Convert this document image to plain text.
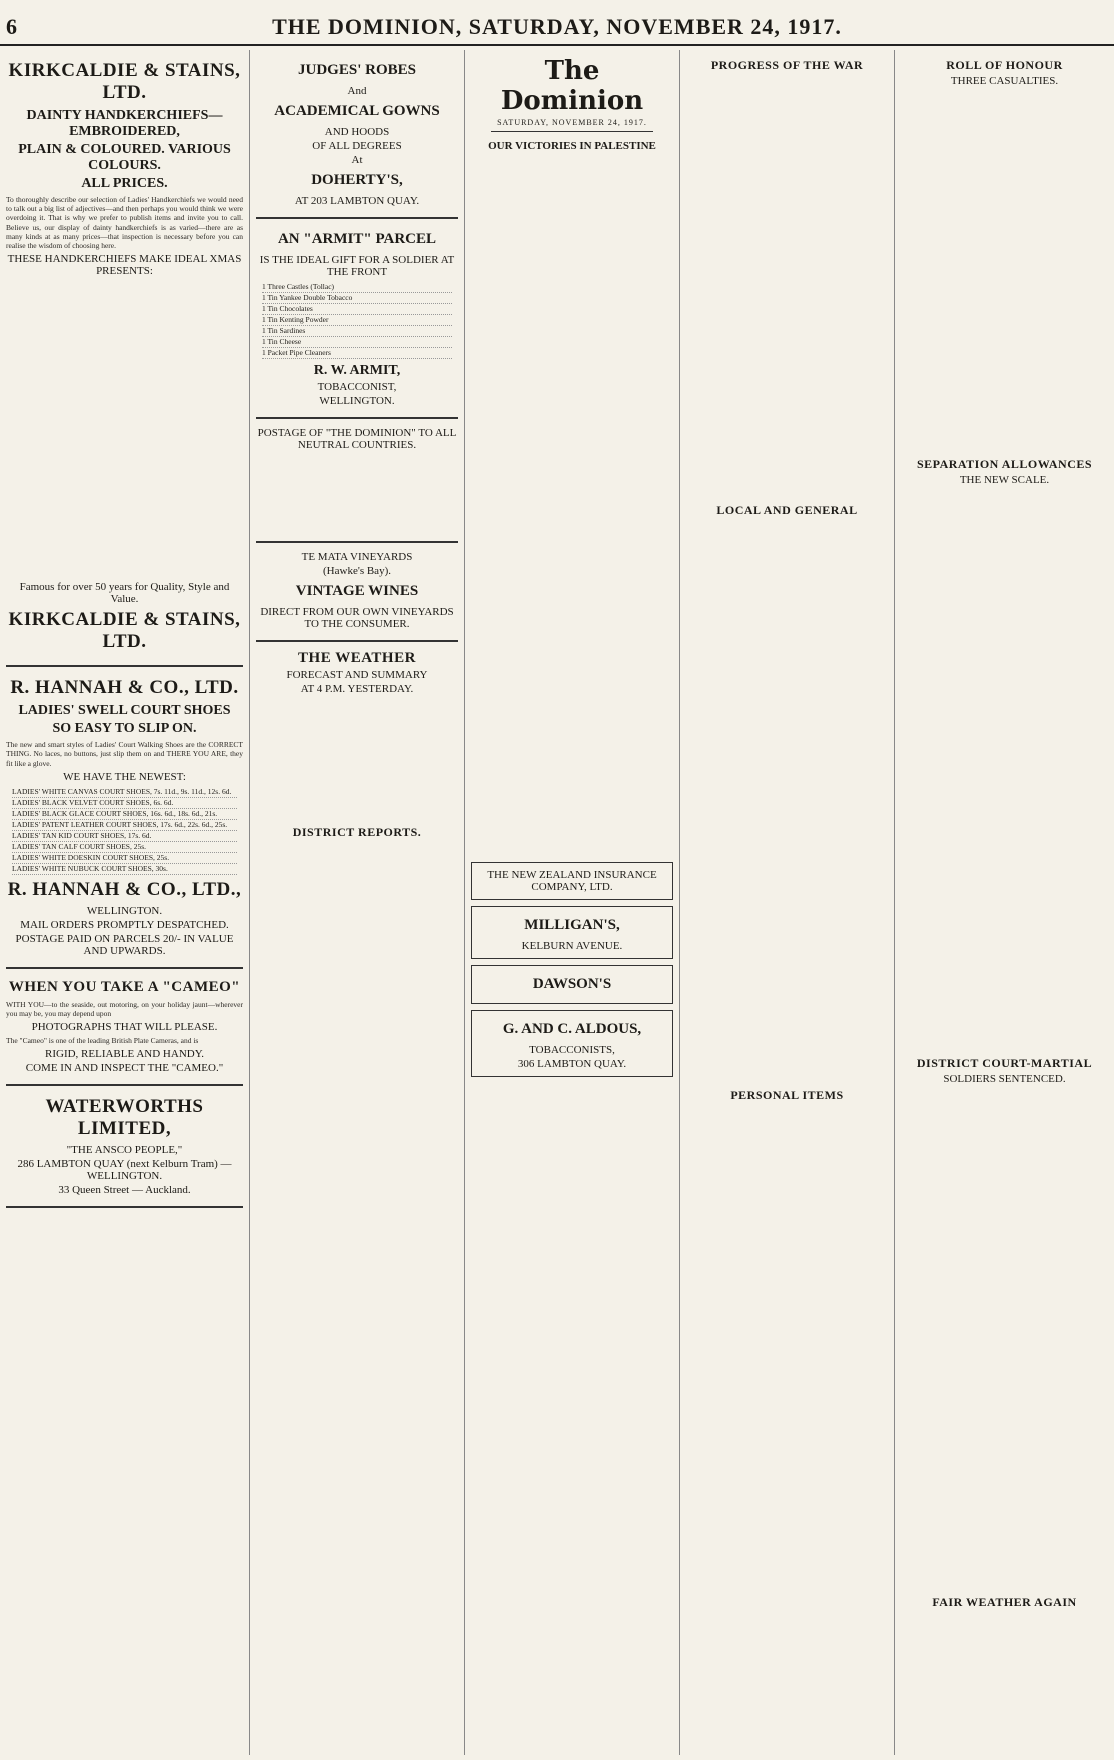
6	THE DOMINION, SATURDAY, NOVEMBER 24, 1917.
KIRKCALDIE & STAINS, LTD.
DAINTY HANDKERCHIEFS—EMBROIDERED,
PLAIN & COLOURED. VARIOUS COLOURS.
ALL PRICES.

To thoroughly describe our selection of Ladies' Handkerchiefs we would need to talk out a big list of adjectives—and then perhaps you would think we were overdoing it. That is why we prefer to publish items and invite you to call. Believe us, our display of dainty handkerchiefs is as varied—there are as many kinds at as many prices—that inspection is necessary before you can realise the wisdom of choosing here.

THESE HANDKERCHIEFS MAKE IDEAL XMAS PRESENTS:
Famous for over 50 years for Quality, Style and Value.
KIRKCALDIE & STAINS, LTD.
R. HANNAH & CO., LTD.
LADIES' SWELL COURT SHOES
SO EASY TO SLIP ON.

The new and smart styles of Ladies' Court Walking Shoes are the CORRECT THING. No laces, no buttons, just slip them on and THERE YOU ARE, they fit like a glove.

WE HAVE THE NEWEST:
LADIES' WHITE CANVAS COURT SHOES, 7s. 11d., 9s. 11d., 12s. 6d.
LADIES' BLACK VELVET COURT SHOES, 6s. 6d.
LADIES' BLACK GLACE COURT SHOES, 16s. 6d., 18s. 6d., 21s.
LADIES' PATENT LEATHER COURT SHOES, 17s. 6d., 22s. 6d., 25s.
LADIES' TAN KID COURT SHOES, 17s. 6d.
LADIES' TAN CALF COURT SHOES, 25s.
LADIES' WHITE DOESKIN COURT SHOES, 25s.
LADIES' WHITE NUBUCK COURT SHOES, 30s.
R. HANNAH & CO., LTD.,
WELLINGTON.
MAIL ORDERS PROMPTLY DESPATCHED.
POSTAGE PAID ON PARCELS 20/- IN VALUE AND UPWARDS.
WHEN YOU TAKE A "CAMEO"

WITH YOU—to the seaside, out motoring, on your holiday jaunt—wherever you may be, you may depend upon

PHOTOGRAPHS THAT WILL PLEASE.

The "Cameo" is one of the leading British Plate Cameras, and is

RIGID, RELIABLE AND HANDY.
COME IN AND INSPECT THE "CAMEO."
WATERWORTHS LIMITED,
"THE ANSCO PEOPLE,"
286 LAMBTON QUAY (next Kelburn Tram) — WELLINGTON.
33 Queen Street — Auckland.
JUDGES' ROBES
And
ACADEMICAL GOWNS
AND HOODS
OF ALL DEGREES
At
DOHERTY'S,
AT 203 LAMBTON QUAY.
AN "ARMIT" PARCEL
IS THE IDEAL GIFT FOR A SOLDIER AT THE FRONT
1 Three Castles (Tollac)
1 Tin Yankee Double Tobacco
1 Tin Chocolates
1 Tin Kenting Powder
1 Tin Sardines
1 Tin Cheese
1 Packet Pipe Cleaners
R. W. ARMIT,
TOBACCONIST,
WELLINGTON.
POSTAGE OF "THE DOMINION" TO ALL NEUTRAL COUNTRIES.
TE MATA VINEYARDS
(Hawke's Bay).
VINTAGE WINES
DIRECT FROM OUR OWN VINEYARDS TO THE CONSUMER.
THE WEATHER
FORECAST AND SUMMARY
AT 4 P.M. YESTERDAY.
DISTRICT REPORTS.
The Dominion
SATURDAY, NOVEMBER 24, 1917.
OUR VICTORIES IN PALESTINE
THE NEW ZEALAND INSURANCE COMPANY, LTD.
MILLIGAN'S,
KELBURN AVENUE.
DAWSON'S
G. AND C. ALDOUS,
TOBACCONISTS,
306 LAMBTON QUAY.
PROGRESS OF THE WAR
LOCAL AND GENERAL
PERSONAL ITEMS
ROLL OF HONOUR
THREE CASUALTIES.
SEPARATION ALLOWANCES
THE NEW SCALE.
DISTRICT COURT-MARTIAL
SOLDIERS SENTENCED.
FAIR WEATHER AGAIN
